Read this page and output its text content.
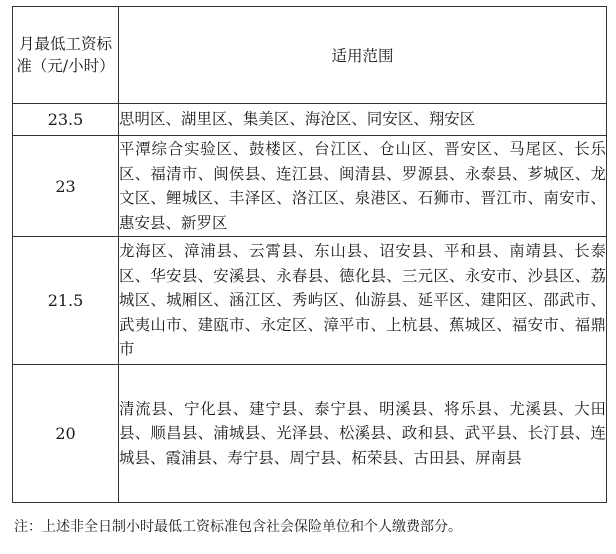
月最低工资标准（元/小时）	适用范围
23.5	思明区、湖里区、集美区、海沧区、同安区、翔安区
23	平潭综合实验区、鼓楼区、台江区、仓山区、晋安区、马尾区、长乐区、福清市、闽侯县、连江县、闽清县、罗源县、永泰县、芗城区、龙文区、鲤城区、丰泽区、洛江区、泉港区、石狮市、晋江市、南安市、惠安县、新罗区
21.5	龙海区、漳浦县、云霄县、东山县、诏安县、平和县、南靖县、长泰区、华安县、安溪县、永春县、德化县、三元区、永安市、沙县区、荔城区、城厢区、涵江区、秀屿区、仙游县、延平区、建阳区、邵武市、武夷山市、建瓯市、永定区、漳平市、上杭县、蕉城区、福安市、福鼎市
20	清流县、宁化县、建宁县、泰宁县、明溪县、将乐县、尤溪县、大田县、顺昌县、浦城县、光泽县、松溪县、政和县、武平县、长汀县、连城县、霞浦县、寿宁县、周宁县、柘荣县、古田县、屏南县
注：上述非全日制小时最低工资标准包含社会保险单位和个人缴费部分。
